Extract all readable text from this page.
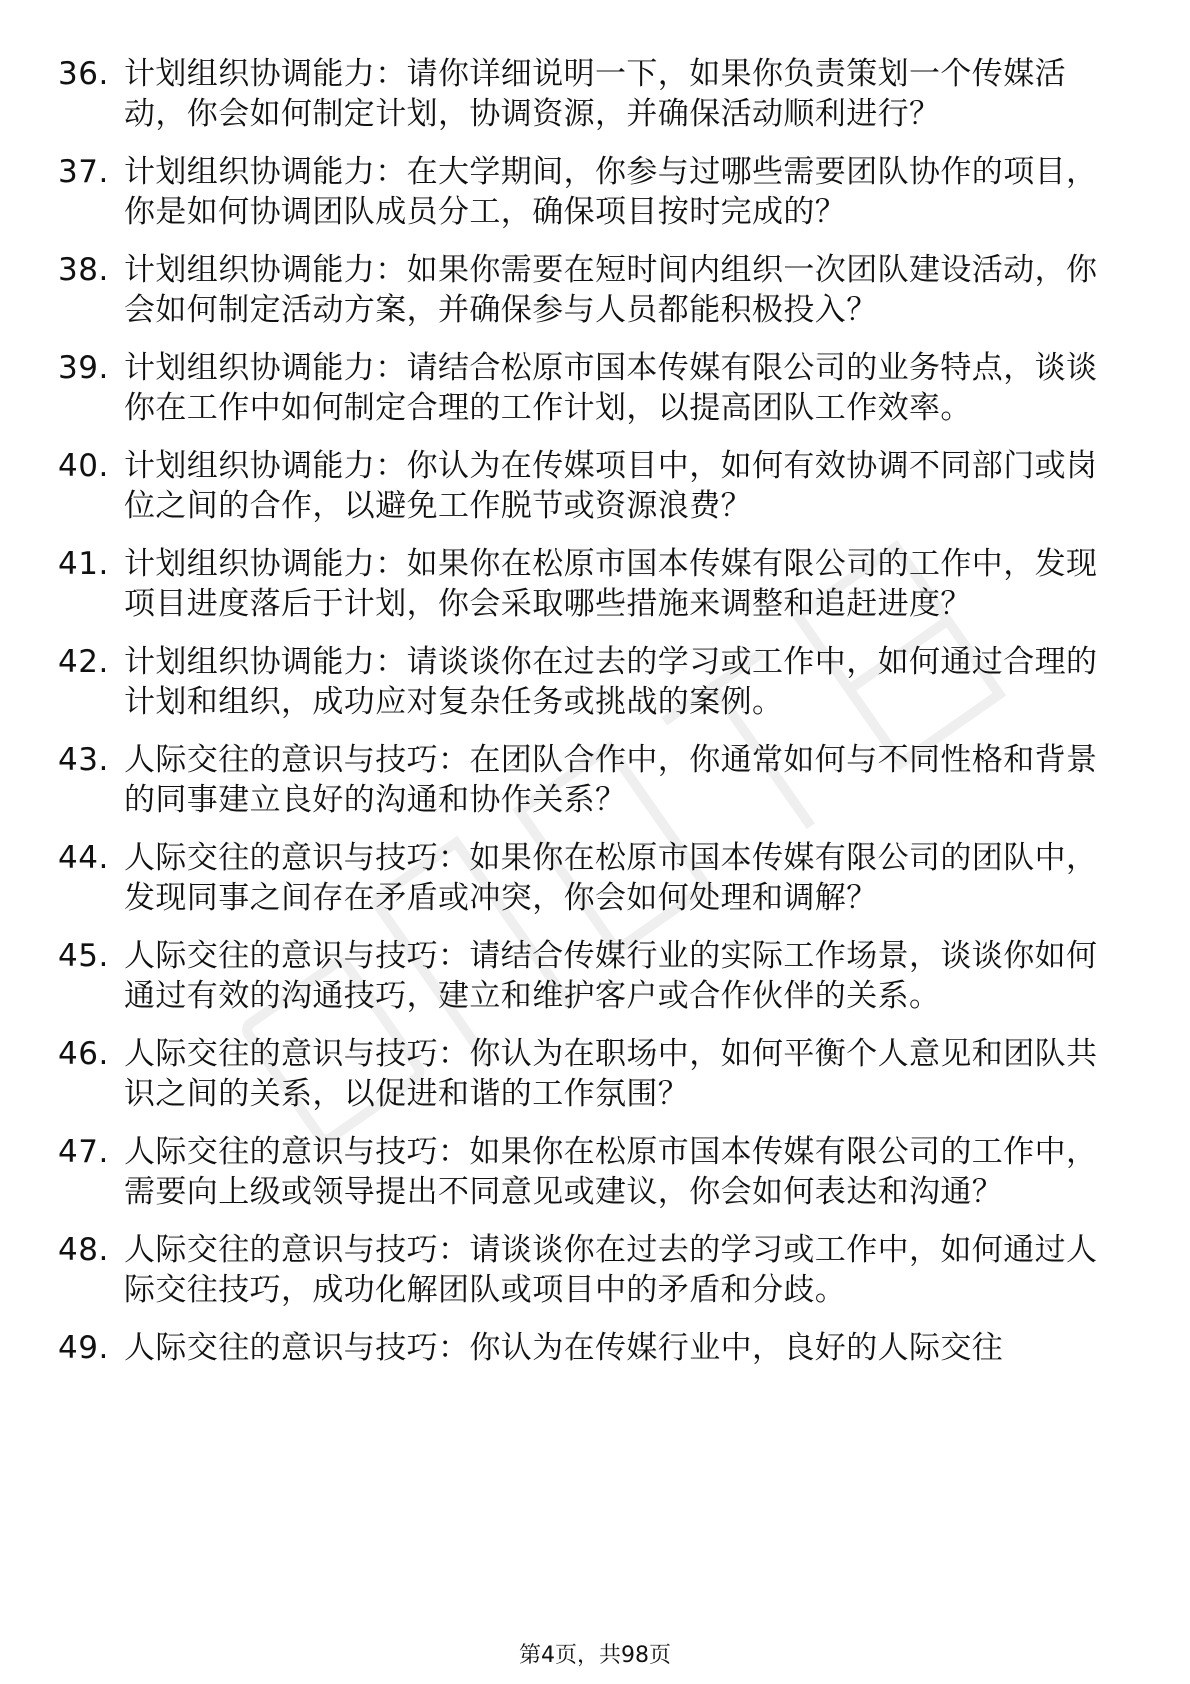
36. 计划组织协调能力：请你详细说明一下，如果你负责策划一个传媒活动，你会如何制定计划，协调资源，并确保活动顺利进行？
37. 计划组织协调能力：在大学期间，你参与过哪些需要团队协作的项目，你是如何协调团队成员分工，确保项目按时完成的？
38. 计划组织协调能力：如果你需要在短时间内组织一次团队建设活动，你会如何制定活动方案，并确保参与人员都能积极投入？
39. 计划组织协调能力：请结合松原市国本传媒有限公司的业务特点，谈谈你在工作中如何制定合理的工作计划，以提高团队工作效率。
40. 计划组织协调能力：你认为在传媒项目中，如何有效协调不同部门或岗位之间的合作，以避免工作脱节或资源浪费？
41. 计划组织协调能力：如果你在松原市国本传媒有限公司的工作中，发现项目进度落后于计划，你会采取哪些措施来调整和追赶进度？
42. 计划组织协调能力：请谈谈你在过去的学习或工作中，如何通过合理的计划和组织，成功应对复杂任务或挑战的案例。
43. 人际交往的意识与技巧：在团队合作中，你通常如何与不同性格和背景的同事建立良好的沟通和协作关系？
44. 人际交往的意识与技巧：如果你在松原市国本传媒有限公司的团队中，发现同事之间存在矛盾或冲突，你会如何处理和调解？
45. 人际交往的意识与技巧：请结合传媒行业的实际工作场景，谈谈你如何通过有效的沟通技巧，建立和维护客户或合作伙伴的关系。
46. 人际交往的意识与技巧：你认为在职场中，如何平衡个人意见和团队共识之间的关系，以促进和谐的工作氛围？
47. 人际交往的意识与技巧：如果你在松原市国本传媒有限公司的工作中，需要向上级或领导提出不同意见或建议，你会如何表达和沟通？
48. 人际交往的意识与技巧：请谈谈你在过去的学习或工作中，如何通过人际交往技巧，成功化解团队或项目中的矛盾和分歧。
49. 人际交往的意识与技巧：你认为在传媒行业中，良好的人际交往
第4页，共98页
